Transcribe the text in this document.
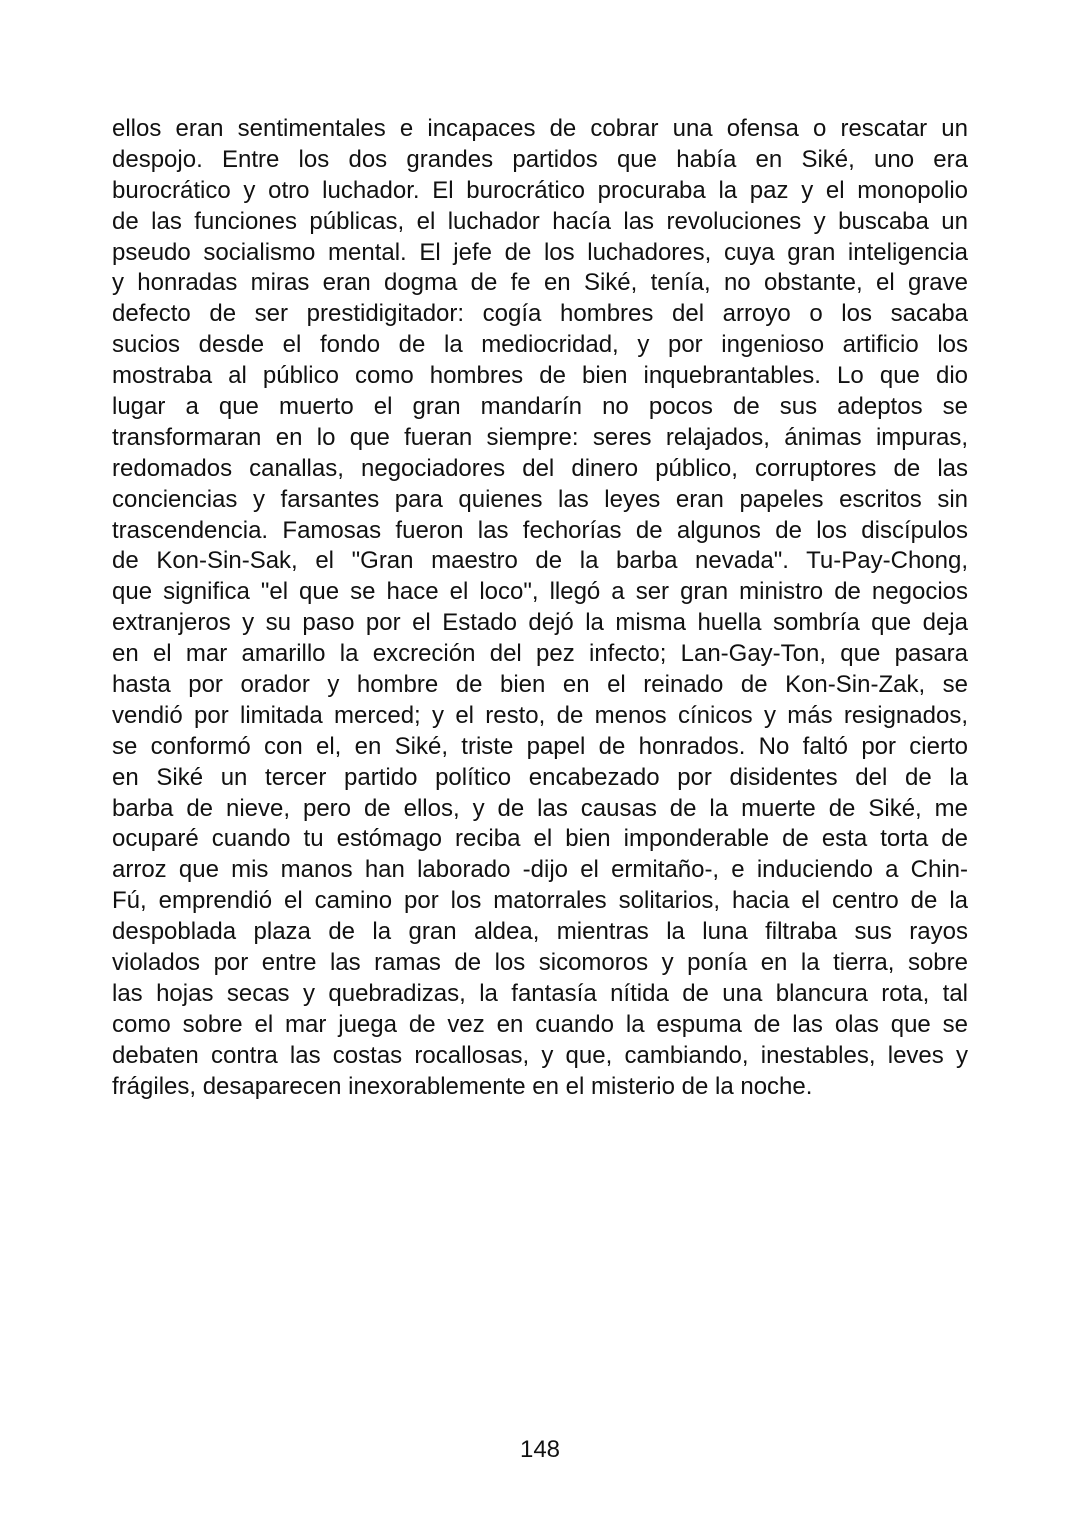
ellos eran sentimentales e incapaces de cobrar una ofensa o rescatar un
despojo. Entre los dos grandes partidos que había en Siké, uno era
burocrático y otro luchador. El burocrático procuraba la paz y el monopolio
de las funciones públicas, el luchador hacía las revoluciones y buscaba un
pseudo socialismo mental. El jefe de los luchadores, cuya gran inteligencia
y honradas miras eran dogma de fe en Siké, tenía, no obstante, el grave
defecto de ser prestidigitador: cogía hombres del arroyo o los sacaba
sucios desde el fondo de la mediocridad, y por ingenioso artificio los
mostraba al público como hombres de bien inquebrantables. Lo que dio
lugar a que muerto el gran mandarín no pocos de sus adeptos se
transformaran en lo que fueran siempre: seres relajados, ánimas impuras,
redomados canallas, negociadores del dinero público, corruptores de las
conciencias y farsantes para quienes las leyes eran papeles escritos sin
trascendencia. Famosas fueron las fechorías de algunos de los discípulos
de Kon-Sin-Sak, el "Gran maestro de la barba nevada". Tu-Pay-Chong,
que significa "el que se hace el loco", llegó a ser gran ministro de negocios
extranjeros y su paso por el Estado dejó la misma huella sombría que deja
en el mar amarillo la excreción del pez infecto; Lan-Gay-Ton, que pasara
hasta por orador y hombre de bien en el reinado de Kon-Sin-Zak, se
vendió por limitada merced; y el resto, de menos cínicos y más resignados,
se conformó con el, en Siké, triste papel de honrados. No faltó por cierto
en Siké un tercer partido político encabezado por disidentes del de la
barba de nieve, pero de ellos, y de las causas de la muerte de Siké, me
ocuparé cuando tu estómago reciba el bien imponderable de esta torta de
arroz que mis manos han laborado -dijo el ermitaño-, e induciendo a Chin-
Fú, emprendió el camino por los matorrales solitarios, hacia el centro de la
despoblada plaza de la gran aldea, mientras la luna filtraba sus rayos
violados por entre las ramas de los sicomoros y ponía en la tierra, sobre
las hojas secas y quebradizas, la fantasía nítida de una blancura rota, tal
como sobre el mar juega de vez en cuando la espuma de las olas que se
debaten contra las costas rocallosas, y que, cambiando, inestables, leves y
frágiles, desaparecen inexorablemente en el misterio de la noche.
148
